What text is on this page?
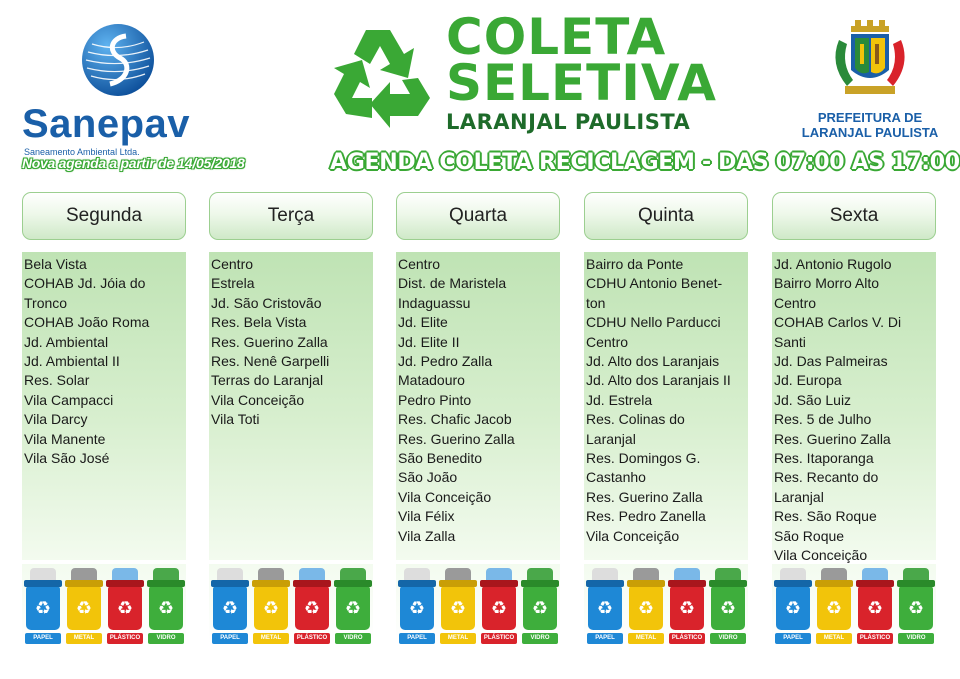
Sanepav
Saneamento Ambiental Ltda.
COLETA
SELETIVA
LARANJAL PAULISTA	PREFEITURA DE
LARANJAL PAULISTA
Nova agenda a partir de 14/05/2018	AGENDA COLETA RECICLAGEM - DAS 07:00 AS 17:00
Segunda
Bela Vista
COHAB Jd. Jóia do
Tronco
COHAB João Roma
Jd. Ambiental
Jd. Ambiental II
Res. Solar
Vila Campacci
Vila Darcy
Vila Manente
Vila São José
♻
PAPEL
♻
METAL
♻
PLÁSTICO
♻
VIDRO
Terça
Centro
Estrela
Jd. São Cristovão
Res. Bela Vista
Res. Guerino Zalla
Res. Nenê Garpelli
Terras do Laranjal
Vila Conceição
Vila Toti
♻
PAPEL
♻
METAL
♻
PLÁSTICO
♻
VIDRO
Quarta
Centro
Dist. de Maristela
Indaguassu
Jd. Elite
Jd. Elite II
Jd. Pedro Zalla
Matadouro
Pedro Pinto
Res. Chafic Jacob
Res. Guerino Zalla
São Benedito
São João
Vila Conceição
Vila Félix
Vila Zalla
♻
PAPEL
♻
METAL
♻
PLÁSTICO
♻
VIDRO
Quinta
Bairro da Ponte
CDHU Antonio Benet-
ton
CDHU Nello Parducci
Centro
Jd. Alto dos Laranjais
Jd. Alto dos Laranjais II
Jd. Estrela
Res. Colinas do
Laranjal
Res. Domingos G.
Castanho
Res. Guerino Zalla
Res. Pedro Zanella
Vila Conceição
♻
PAPEL
♻
METAL
♻
PLÁSTICO
♻
VIDRO
Sexta
Jd. Antonio Rugolo
Bairro Morro Alto
Centro
COHAB Carlos V. Di
Santi
Jd. Das Palmeiras
Jd. Europa
Jd. São Luiz
Res. 5 de Julho
Res. Guerino Zalla
Res. Itaporanga
Res. Recanto do
Laranjal
Res. São Roque
São Roque
Vila Conceição
♻
PAPEL
♻
METAL
♻
PLÁSTICO
♻
VIDRO
